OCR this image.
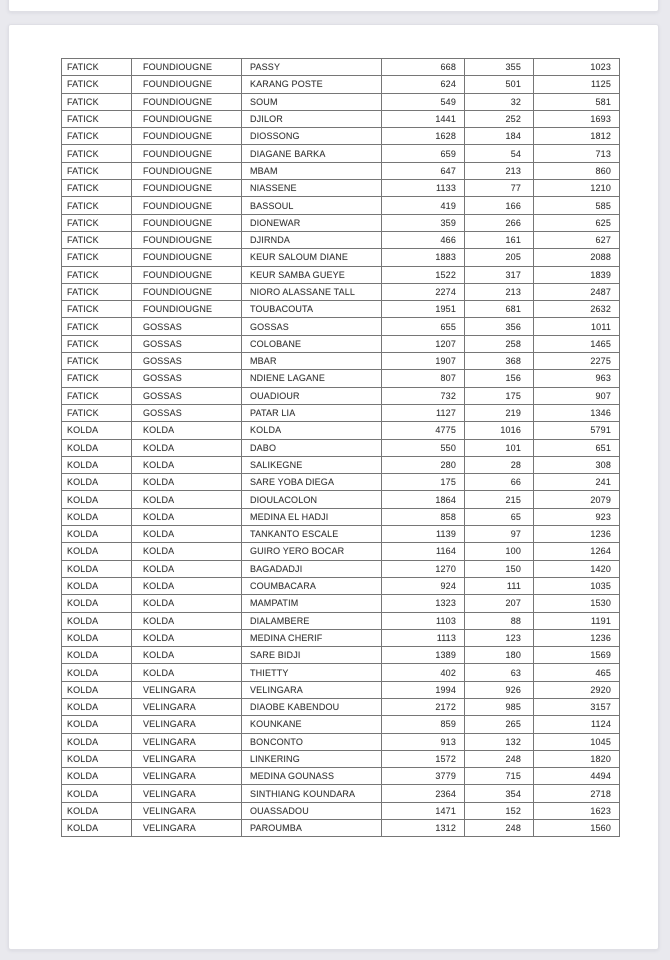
FATICK	FOUNDIOUGNE	PASSY	668	355	1023
FATICK	FOUNDIOUGNE	KARANG POSTE	624	501	1125
FATICK	FOUNDIOUGNE	SOUM	549	32	581
FATICK	FOUNDIOUGNE	DJILOR	1441	252	1693
FATICK	FOUNDIOUGNE	DIOSSONG	1628	184	1812
FATICK	FOUNDIOUGNE	DIAGANE BARKA	659	54	713
FATICK	FOUNDIOUGNE	MBAM	647	213	860
FATICK	FOUNDIOUGNE	NIASSENE	1133	77	1210
FATICK	FOUNDIOUGNE	BASSOUL	419	166	585
FATICK	FOUNDIOUGNE	DIONEWAR	359	266	625
FATICK	FOUNDIOUGNE	DJIRNDA	466	161	627
FATICK	FOUNDIOUGNE	KEUR SALOUM DIANE	1883	205	2088
FATICK	FOUNDIOUGNE	KEUR SAMBA GUEYE	1522	317	1839
FATICK	FOUNDIOUGNE	NIORO ALASSANE TALL	2274	213	2487
FATICK	FOUNDIOUGNE	TOUBACOUTA	1951	681	2632
FATICK	GOSSAS	GOSSAS	655	356	1011
FATICK	GOSSAS	COLOBANE	1207	258	1465
FATICK	GOSSAS	MBAR	1907	368	2275
FATICK	GOSSAS	NDIENE LAGANE	807	156	963
FATICK	GOSSAS	OUADIOUR	732	175	907
FATICK	GOSSAS	PATAR LIA	1127	219	1346
KOLDA	KOLDA	KOLDA	4775	1016	5791
KOLDA	KOLDA	DABO	550	101	651
KOLDA	KOLDA	SALIKEGNE	280	28	308
KOLDA	KOLDA	SARE YOBA DIEGA	175	66	241
KOLDA	KOLDA	DIOULACOLON	1864	215	2079
KOLDA	KOLDA	MEDINA EL HADJI	858	65	923
KOLDA	KOLDA	TANKANTO ESCALE	1139	97	1236
KOLDA	KOLDA	GUIRO YERO BOCAR	1164	100	1264
KOLDA	KOLDA	BAGADADJI	1270	150	1420
KOLDA	KOLDA	COUMBACARA	924	111	1035
KOLDA	KOLDA	MAMPATIM	1323	207	1530
KOLDA	KOLDA	DIALAMBERE	1103	88	1191
KOLDA	KOLDA	MEDINA CHERIF	1113	123	1236
KOLDA	KOLDA	SARE BIDJI	1389	180	1569
KOLDA	KOLDA	THIETTY	402	63	465
KOLDA	VELINGARA	VELINGARA	1994	926	2920
KOLDA	VELINGARA	DIAOBE KABENDOU	2172	985	3157
KOLDA	VELINGARA	KOUNKANE	859	265	1124
KOLDA	VELINGARA	BONCONTO	913	132	1045
KOLDA	VELINGARA	LINKERING	1572	248	1820
KOLDA	VELINGARA	MEDINA GOUNASS	3779	715	4494
KOLDA	VELINGARA	SINTHIANG KOUNDARA	2364	354	2718
KOLDA	VELINGARA	OUASSADOU	1471	152	1623
KOLDA	VELINGARA	PAROUMBA	1312	248	1560
